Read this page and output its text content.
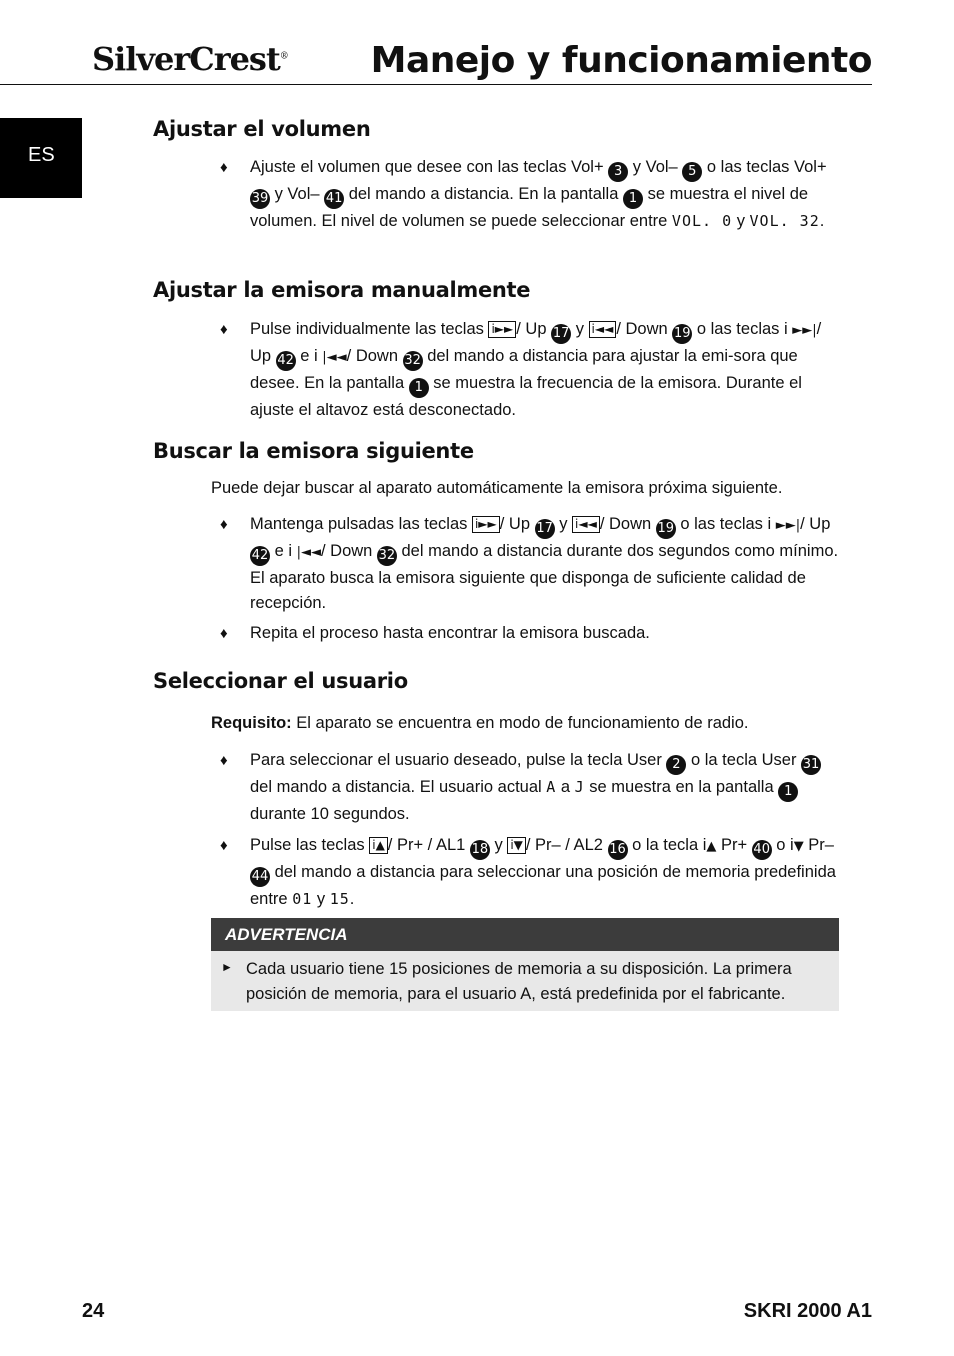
SilverCrest® Manejo y funcionamiento
ES
Ajustar el volumen
♦ Ajuste el volumen que desee con las teclas Vol+ 3 y Vol– 5 o las teclas Vol+ 39 y Vol– 41 del mando a distancia. En la pantalla 1 se muestra el nivel de volumen. El nivel de volumen se puede seleccionar entre VOL. 0 y VOL. 32.
Ajustar la emisora manualmente
♦ Pulse individualmente las teclas i►► / Up 17 y i◄◄ / Down 19 o las teclas i ►►|/ Up 42 e i |◄◄/ Down 32 del mando a distancia para ajustar la emi-sora que desee. En la pantalla 1 se muestra la frecuencia de la emisora. Durante el ajuste el altavoz está desconectado.
Buscar la emisora siguiente
Puede dejar buscar al aparato automáticamente la emisora próxima siguiente.
♦ Mantenga pulsadas las teclas i►► / Up 17 y i◄◄ / Down 19 o las teclas i ►►|/ Up 42 e i |◄◄/ Down 32 del mando a distancia durante dos segundos como mínimo. El aparato busca la emisora siguiente que disponga de suficiente calidad de recepción.
♦ Repita el proceso hasta encontrar la emisora buscada.
Seleccionar el usuario
Requisito: El aparato se encuentra en modo de funcionamiento de radio.
♦ Para seleccionar el usuario deseado, pulse la tecla User 2 o la tecla User 31 del mando a distancia. El usuario actual A a J se muestra en la pantalla 1 durante 10 segundos.
♦ Pulse las teclas i▲ / Pr+ / AL1 18 y i▼ / Pr– / AL2 16 o la tecla i▲ Pr+ 40 o i▼ Pr– 44 del mando a distancia para seleccionar una posición de memoria predefinida entre 01 y 15.
ADVERTENCIA
► Cada usuario tiene 15 posiciones de memoria a su disposición. La primera posición de memoria, para el usuario A, está predefinida por el fabricante.
24	SKRI 2000 A1
